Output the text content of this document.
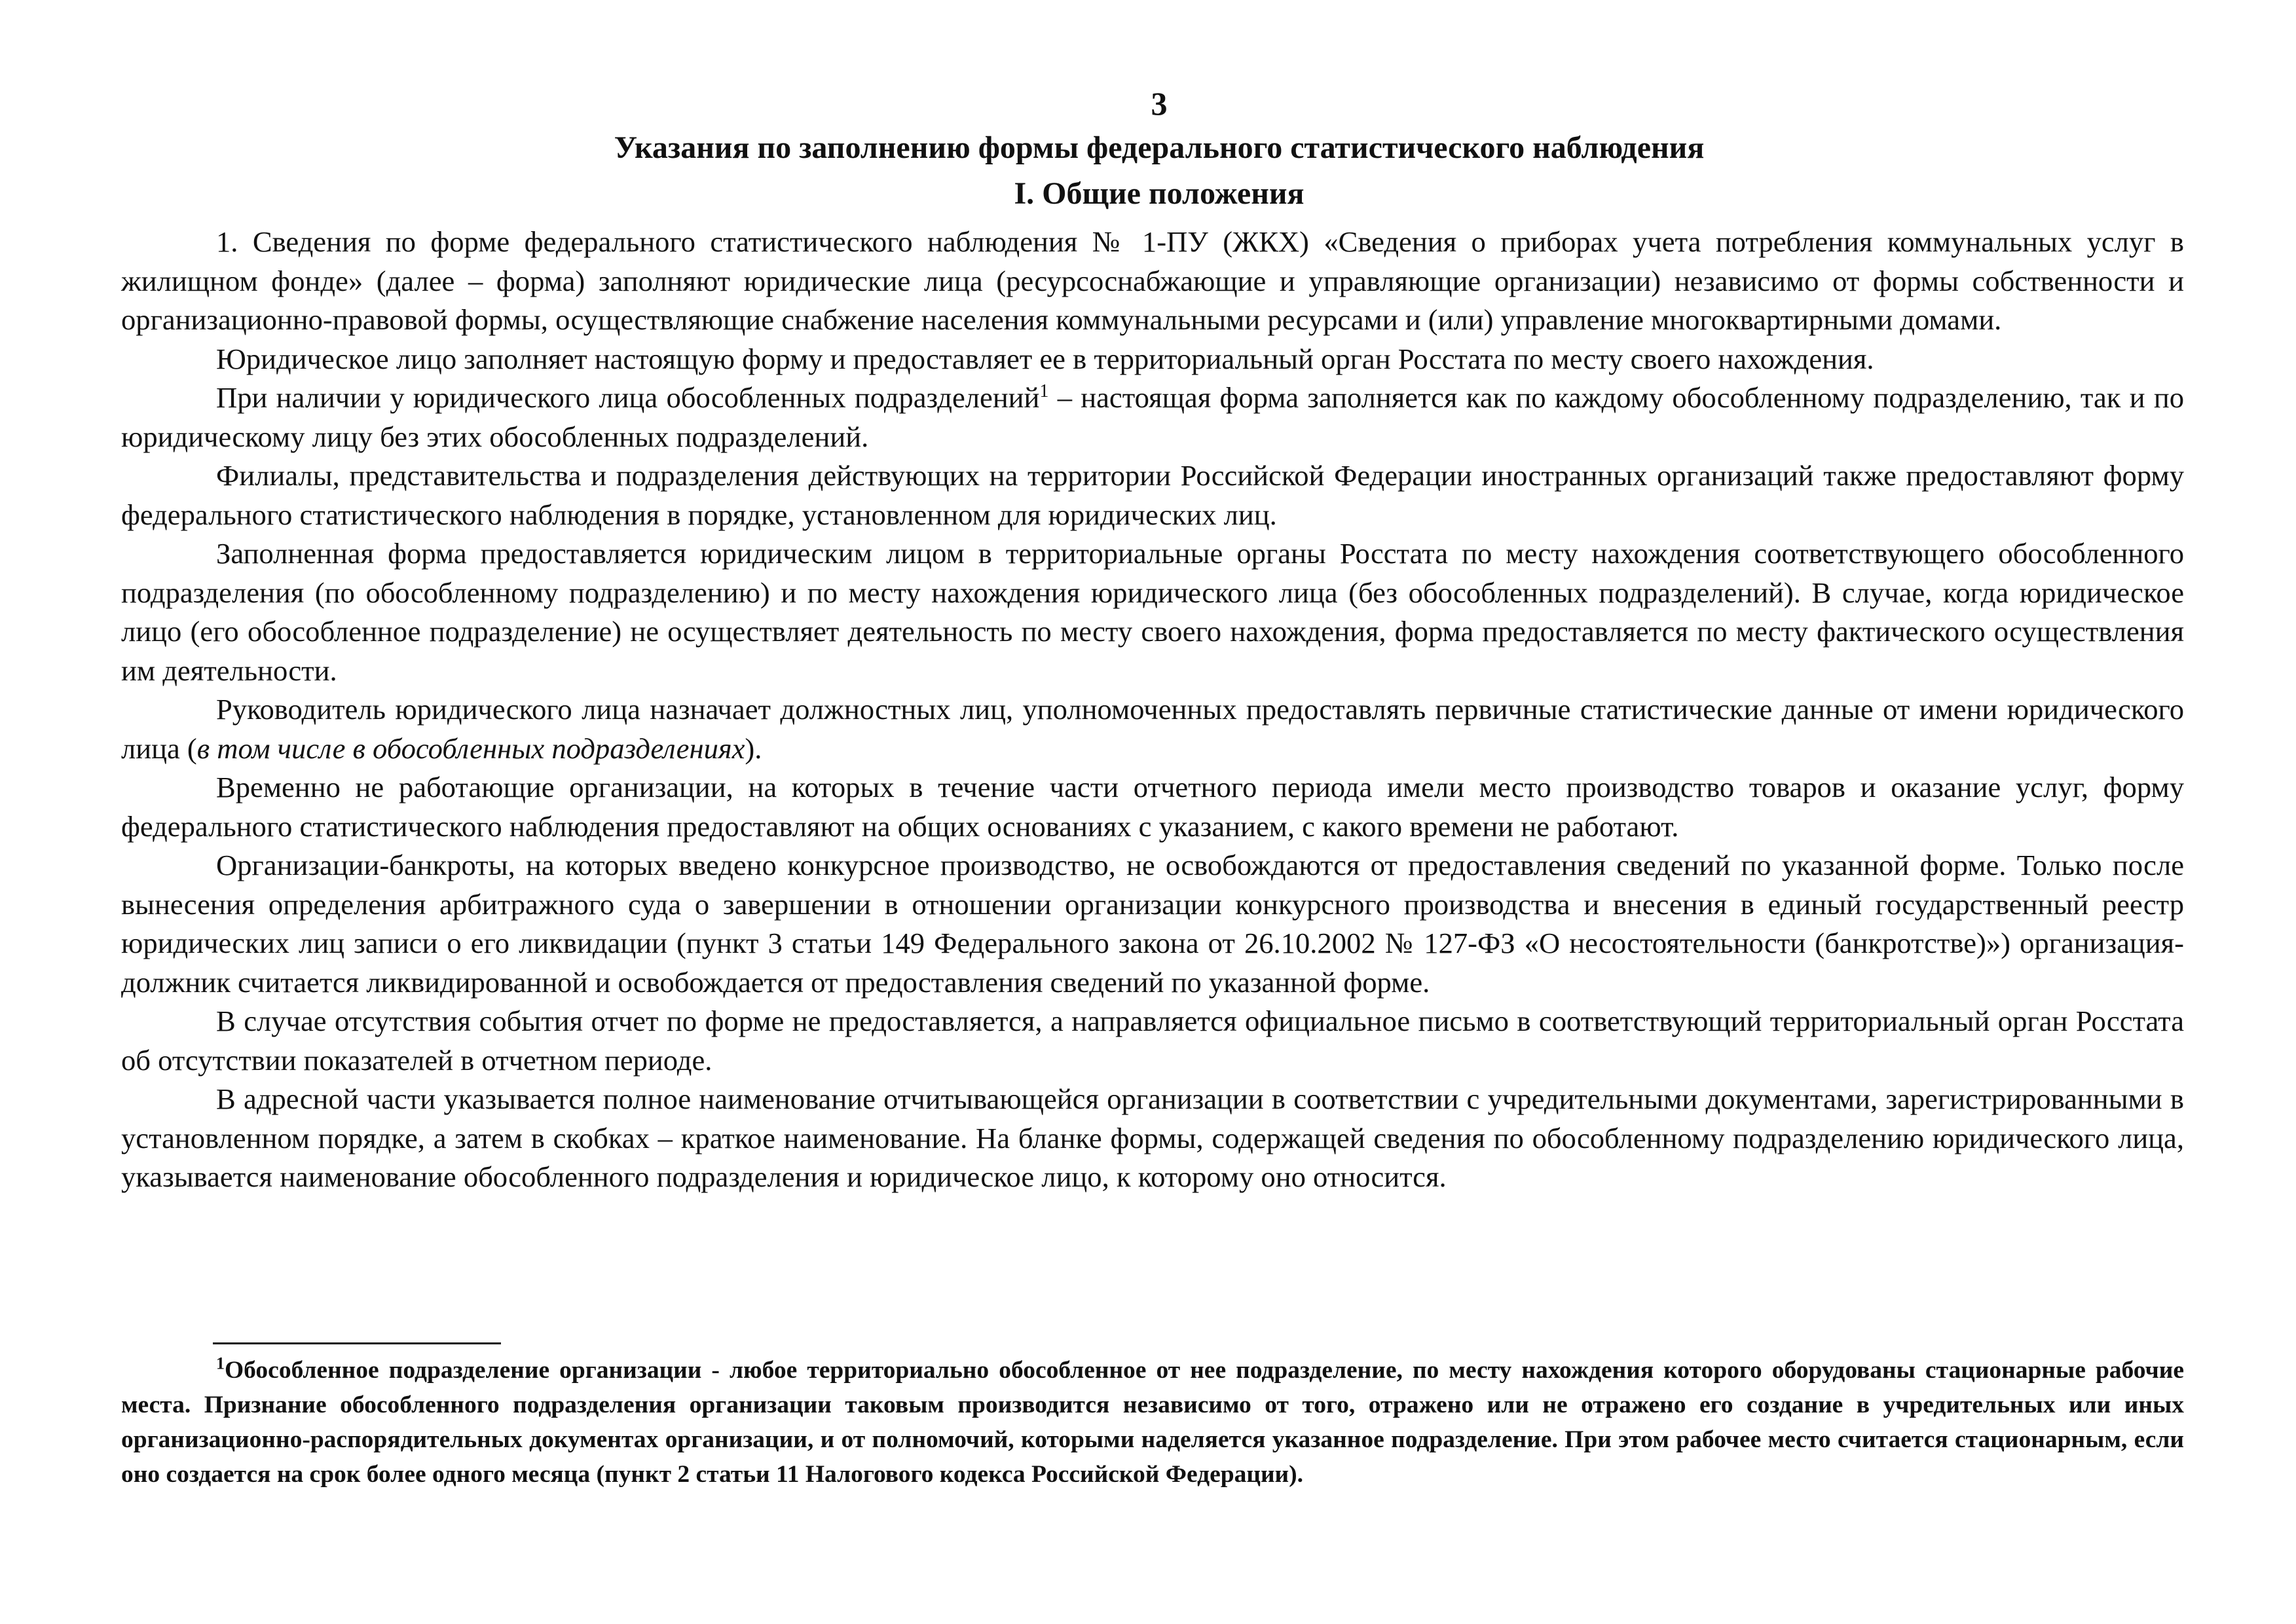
3
Указания по заполнению формы федерального статистического наблюдения
I. Общие положения

1. Сведения по форме федерального статистического наблюдения № 1-ПУ (ЖКХ) «Сведения о приборах учета потребления коммунальных услуг в жилищном фонде» (далее – форма) заполняют юридические лица (ресурсоснабжающие и управляющие организации) независимо от формы собственности и организационно-правовой формы, осуществляющие снабжение населения коммунальными ресурсами и (или) управление многоквартирными домами.

Юридическое лицо заполняет настоящую форму и предоставляет ее в территориальный орган Росстата по месту своего нахождения.

При наличии у юридического лица обособленных подразделений$^1$ – настоящая форма заполняется как по каждому обособленному подразделению, так и по юридическому лицу без этих обособленных подразделений.

Филиалы, представительства и подразделения действующих на территории Российской Федерации иностранных организаций также предоставляют форму федерального статистического наблюдения в порядке, установленном для юридических лиц.

Заполненная форма предоставляется юридическим лицом в территориальные органы Росстата по месту нахождения соответствующего обособленного подразделения (по обособленному подразделению) и по месту нахождения юридического лица (без обособленных подразделений). В случае, когда юридическое лицо (его обособленное подразделение) не осуществляет деятельность по месту своего нахождения, форма предоставляется по месту фактического осуществления им деятельности.

Руководитель юридического лица назначает должностных лиц, уполномоченных предоставлять первичные статистические данные от имени юридического лица (в том числе в обособленных подразделениях).

Временно не работающие организации, на которых в течение части отчетного периода имели место производство товаров и оказание услуг, форму федерального статистического наблюдения предоставляют на общих основаниях с указанием, с какого времени не работают.

Организации-банкроты, на которых введено конкурсное производство, не освобождаются от предоставления сведений по указанной форме. Только после вынесения определения арбитражного суда о завершении в отношении организации конкурсного производства и внесения в единый государственный реестр юридических лиц записи о его ликвидации (пункт 3 статьи 149 Федерального закона от 26.10.2002 № 127-ФЗ «О несостоятельности (банкротстве)») организация-должник считается ликвидированной и освобождается от предоставления сведений по указанной форме.

В случае отсутствия события отчет по форме не предоставляется, а направляется официальное письмо в соответствующий территориальный орган Росстата об отсутствии показателей в отчетном периоде.

В адресной части указывается полное наименование отчитывающейся организации в соответствии с учредительными документами, зарегистрированными в установленном порядке, а затем в скобках – краткое наименование. На бланке формы, содержащей сведения по обособленному подразделению юридического лица, указывается наименование обособленного подразделения и юридическое лицо, к которому оно относится.

$^1$Обособленное подразделение организации - любое территориально обособленное от нее подразделение, по месту нахождения которого оборудованы стационарные рабочие места. Признание обособленного подразделения организации таковым производится независимо от того, отражено или не отражено его создание в учредительных или иных организационно-распорядительных документах организации, и от полномочий, которыми наделяется указанное подразделение. При этом рабочее место считается стационарным, если оно создается на срок более одного месяца (пункт 2 статьи 11 Налогового кодекса Российской Федерации).
